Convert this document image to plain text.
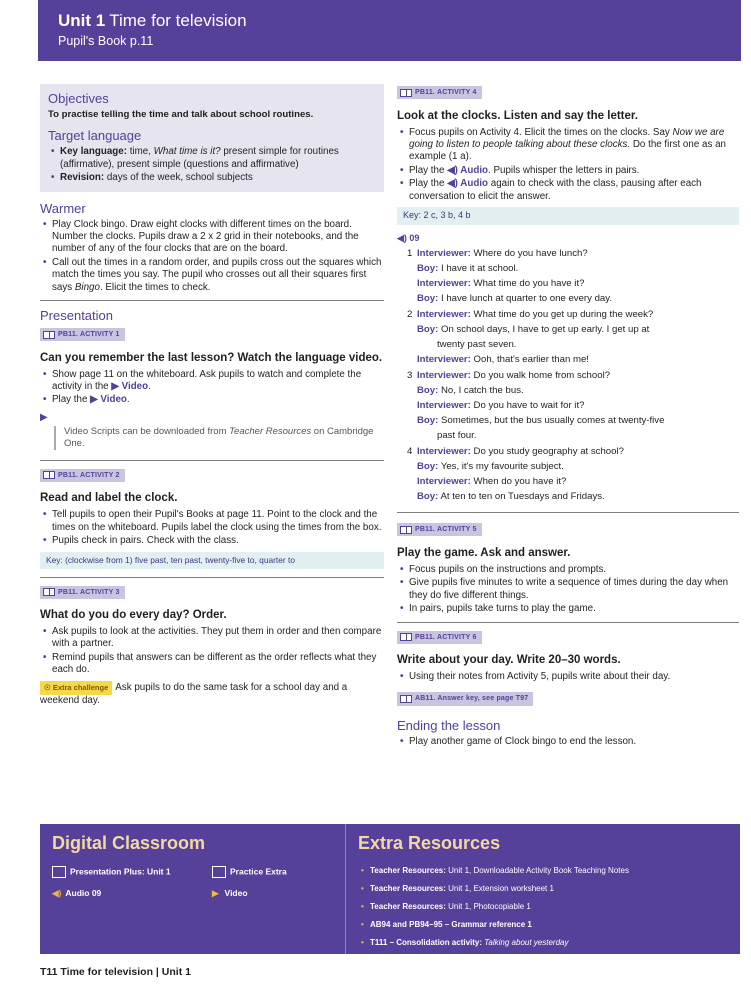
Unit 1 Time for television
Pupil's Book p.11
Objectives

To practise telling the time and talk about school routines.

Target language
• Key language: time, What time is it? present simple for routines (affirmative), present simple (questions and affirmative)
• Revision: days of the week, school subjects
Warmer
• Play Clock bingo. Draw eight clocks with different times on the board. Number the clocks. Pupils draw a 2 x 2 grid in their notebooks, and the number of any of the four clocks that are on the board.
• Call out the times in a random order, and pupils cross out the squares which match the times you say. The pupil who crosses out all their squares first says Bingo. Elicit the times to check.
Presentation
PB11. ACTIVITY 1
Can you remember the last lesson? Watch the language video.
• Show page 11 on the whiteboard. Ask pupils to watch and complete the activity in the ▶ Video.
• Play the ▶ Video.
▶
Video Scripts can be downloaded from Teacher Resources on Cambridge One.
PB11. ACTIVITY 2
Read and label the clock.
• Tell pupils to open their Pupil's Books at page 11. Point to the clock and the times on the whiteboard. Pupils label the clock using the times from the box.
• Pupils check in pairs. Check with the class.
Key: (clockwise from 1) five past, ten past, twenty-five to, quarter to
PB11. ACTIVITY 3
What do you do every day? Order.
• Ask pupils to look at the activities. They put them in order and then compare with a partner.
• Remind pupils that answers can be different as the order reflects what they each do.

☉ Extra challenge Ask pupils to do the same task for a school day and a weekend day.

PB11. ACTIVITY 4
Look at the clocks. Listen and say the letter.
• Focus pupils on Activity 4. Elicit the times on the clocks. Say Now we are going to listen to people talking about these clocks. Do the first one as an example (1 a).
• Play the ◀) Audio. Pupils whisper the letters in pairs.
• Play the ◀) Audio again to check with the class, pausing after each conversation to elicit the answer.
Key: 2 c, 3 b, 4 b
◀) 09
1 Interviewer: Where do you have lunch?
Boy: I have it at school.
Interviewer: What time do you have it?
Boy: I have lunch at quarter to one every day.
2 Interviewer: What time do you get up during the week?
Boy: On school days, I have to get up early. I get up at
twenty past seven.
Interviewer: Ooh, that's earlier than me!
3 Interviewer: Do you walk home from school?
Boy: No, I catch the bus.
Interviewer: Do you have to wait for it?
Boy: Sometimes, but the bus usually comes at twenty-five
past four.
4 Interviewer: Do you study geography at school?
Boy: Yes, it's my favourite subject.
Interviewer: When do you have it?
Boy: At ten to ten on Tuesdays and Fridays.
PB11. ACTIVITY 5
Play the game. Ask and answer.
• Focus pupils on the instructions and prompts.
• Give pupils five minutes to write a sequence of times during the day when they do five different things.
• In pairs, pupils take turns to play the game.
PB11. ACTIVITY 6
Write about your day. Write 20–30 words.
• Using their notes from Activity 5, pupils write about their day.
AB11. Answer key, see page T97
Ending the lesson
• Play another game of Clock bingo to end the lesson.
Digital Classroom
Presentation Plus: Unit 1	Practice Extra
◀) Audio 09	▶ Video
Extra Resources
• Teacher Resources: Unit 1, Downloadable Activity Book Teaching Notes
• Teacher Resources: Unit 1, Extension worksheet 1
• Teacher Resources: Unit 1, Photocopiable 1
• AB94 and PB94–95 – Grammar reference 1
• T111 – Consolidation activity: Talking about yesterday
T11 Time for television | Unit 1
